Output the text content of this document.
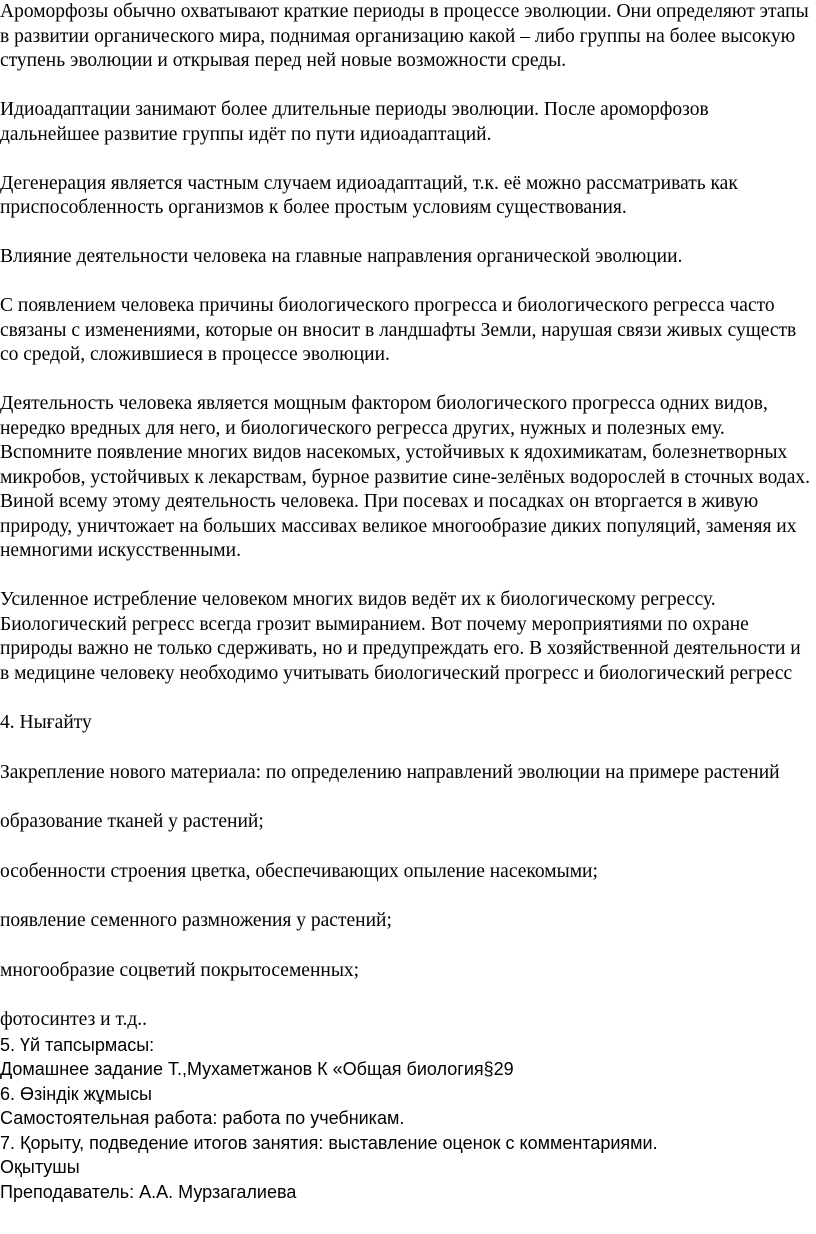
Ароморфозы обычно охватывают краткие периоды в процессе эволюции. Они определяют этапы в развитии органического мира, поднимая организацию какой – либо группы на более высокую ступень эволюции и открывая перед ней новые возможности среды.

Идиоадаптации занимают более длительные периоды эволюции. После ароморфозов дальнейшее развитие группы идёт по пути идиоадаптаций.

Дегенерация является частным случаем идиоадаптаций, т.к. её можно рассматривать как приспособленность организмов к более простым условиям существования.

Влияние деятельности человека на главные направления органической эволюции.

С появлением человека причины биологического прогресса и биологического регресса часто связаны с изменениями, которые он вносит в ландшафты Земли, нарушая связи живых существ со средой, сложившиеся в процессе эволюции.

Деятельность человека является мощным фактором биологического прогресса одних видов, нередко вредных для него, и биологического регресса других, нужных и полезных ему. Вспомните появление многих видов насекомых, устойчивых к ядохимикатам, болезнетворных микробов, устойчивых к лекарствам, бурное развитие сине-зелёных водорослей в сточных водах. Виной всему этому деятельность человека. При посевах и посадках он вторгается в живую природу, уничтожает на больших массивах великое многообразие диких популяций, заменяя их немногими искусственными.

Усиленное истребление человеком многих видов ведёт их к биологическому регрессу. Биологический регресс всегда грозит вымиранием. Вот почему мероприятиями по охране природы важно не только сдерживать, но и предупреждать его. В хозяйственной деятельности и в медицине человеку необходимо учитывать биологический прогресс и биологический регресс

4. Нығайту

Закрепление нового материала: по определению направлений эволюции на примере растений

образование тканей у растений;

особенности строения цветка, обеспечивающих опыление насекомыми;

появление семенного размножения у растений;

многообразие соцветий покрытосеменных;

фотосинтез и т.д..

5. Үй тапсырмасы:
Домашнее задание Т.,Мухаметжанов К «Общая биология§29
6. Өзіндік жұмысы
Самостоятельная работа: работа по учебникам.
7. Қорыту, подведение итогов занятия: выставление оценок с комментариями.
Оқытушы
Преподаватель: А.А. Мурзагалиева
